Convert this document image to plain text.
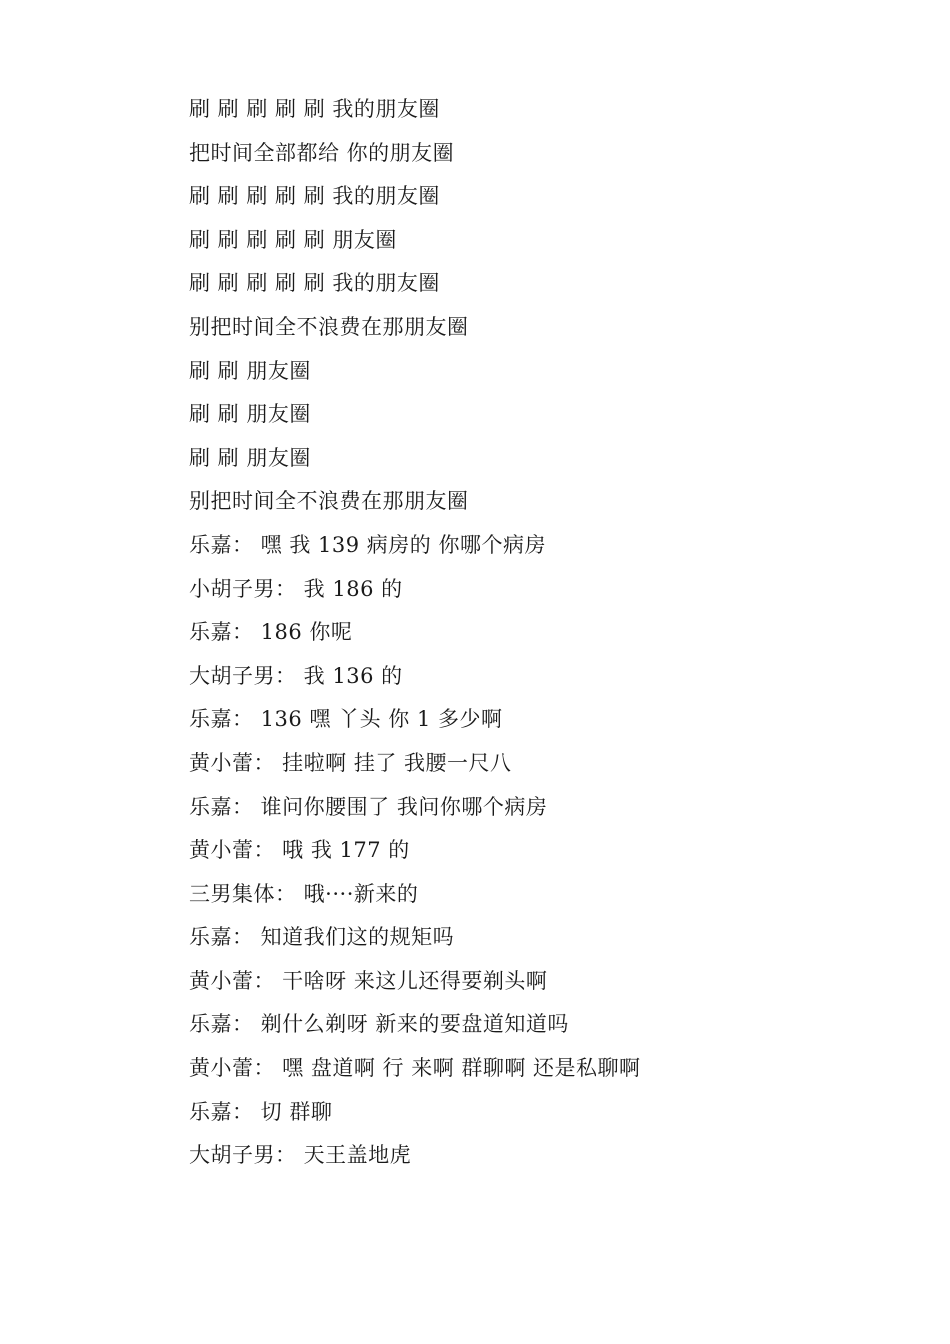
刷 刷 刷 刷 刷 我的朋友圈
把时间全部都给 你的朋友圈
刷 刷 刷 刷 刷 我的朋友圈
刷 刷 刷 刷 刷 朋友圈
刷 刷 刷 刷 刷 我的朋友圈
别把时间全不浪费在那朋友圈
刷 刷 朋友圈
刷 刷 朋友圈
刷 刷 朋友圈
别把时间全不浪费在那朋友圈
乐嘉： 嘿 我 139 病房的 你哪个病房
小胡子男： 我 186 的
乐嘉： 186 你呢
大胡子男： 我 136 的
乐嘉： 136 嘿 丫头 你 1 多少啊
黄小蕾： 挂啦啊 挂了 我腰一尺八
乐嘉： 谁问你腰围了 我问你哪个病房
黄小蕾： 哦 我 177 的
三男集体： 哦····新来的
乐嘉： 知道我们这的规矩吗
黄小蕾： 干啥呀 来这儿还得要剃头啊
乐嘉： 剃什么剃呀 新来的要盘道知道吗
黄小蕾： 嘿 盘道啊 行 来啊 群聊啊 还是私聊啊
乐嘉： 切 群聊
大胡子男： 天王盖地虎
